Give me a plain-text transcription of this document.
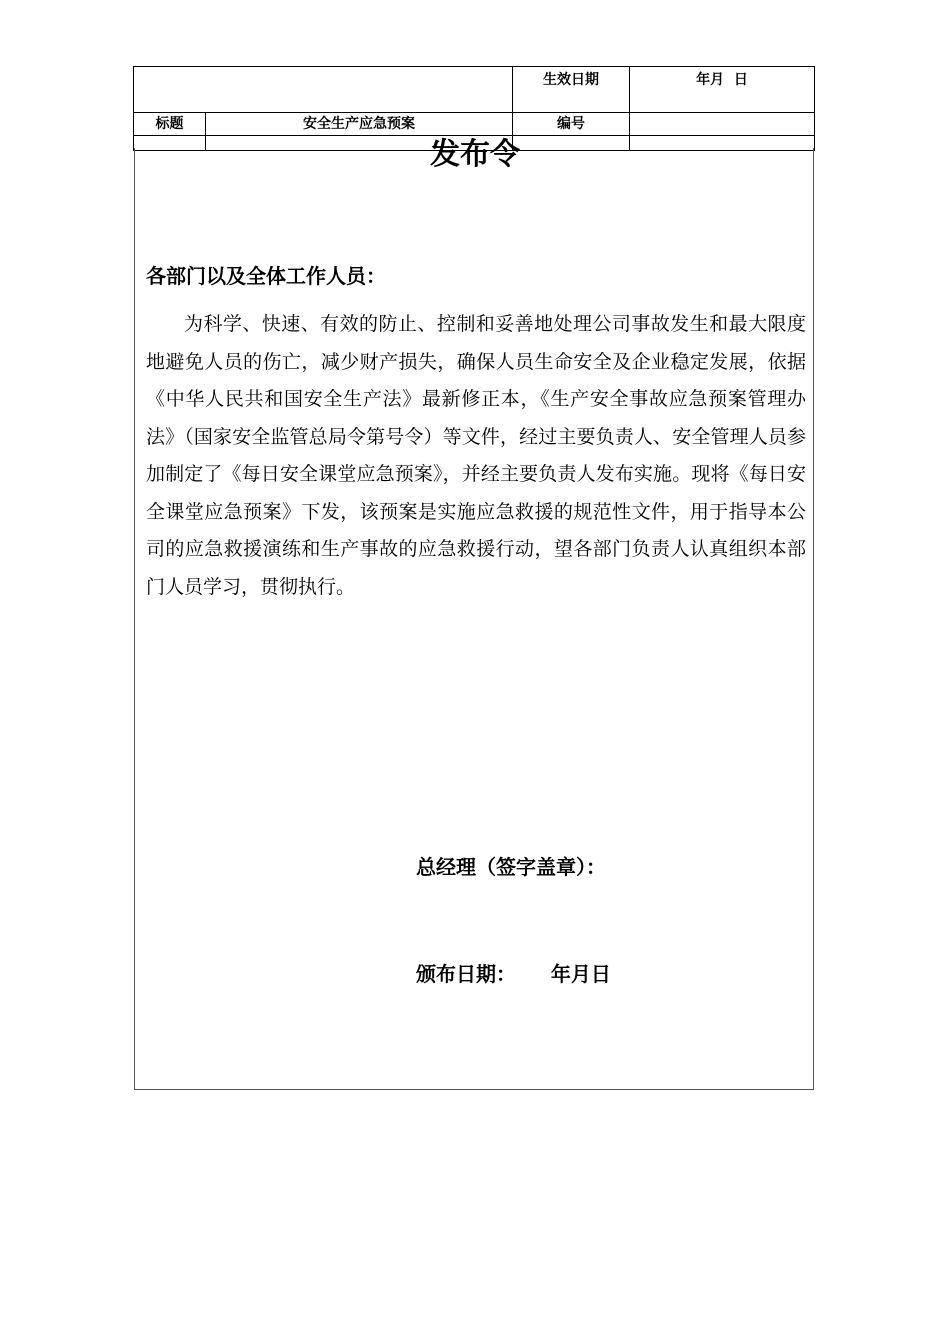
		生效日期	年月  日
标题	安全生产应急预案	编号	

发布令

各部门以及全体工作人员：

为科学、快速、有效的防止、控制和妥善地处理公司事故发生和最大限度地避免人员的伤亡，减少财产损失，确保人员生命安全及企业稳定发展，依据《中华人民共和国安全生产法》最新修正本，《生产安全事故应急预案管理办法》（国家安全监管总局令第号令）等文件，经过主要负责人、安全管理人员参加制定了《每日安全课堂应急预案》，并经主要负责人发布实施。现将《每日安全课堂应急预案》下发，该预案是实施应急救援的规范性文件，用于指导本公司的应急救援演练和生产事故的应急救援行动，望各部门负责人认真组织本部门人员学习，贯彻执行。

总经理（签字盖章）：

颁布日期： 年月日
